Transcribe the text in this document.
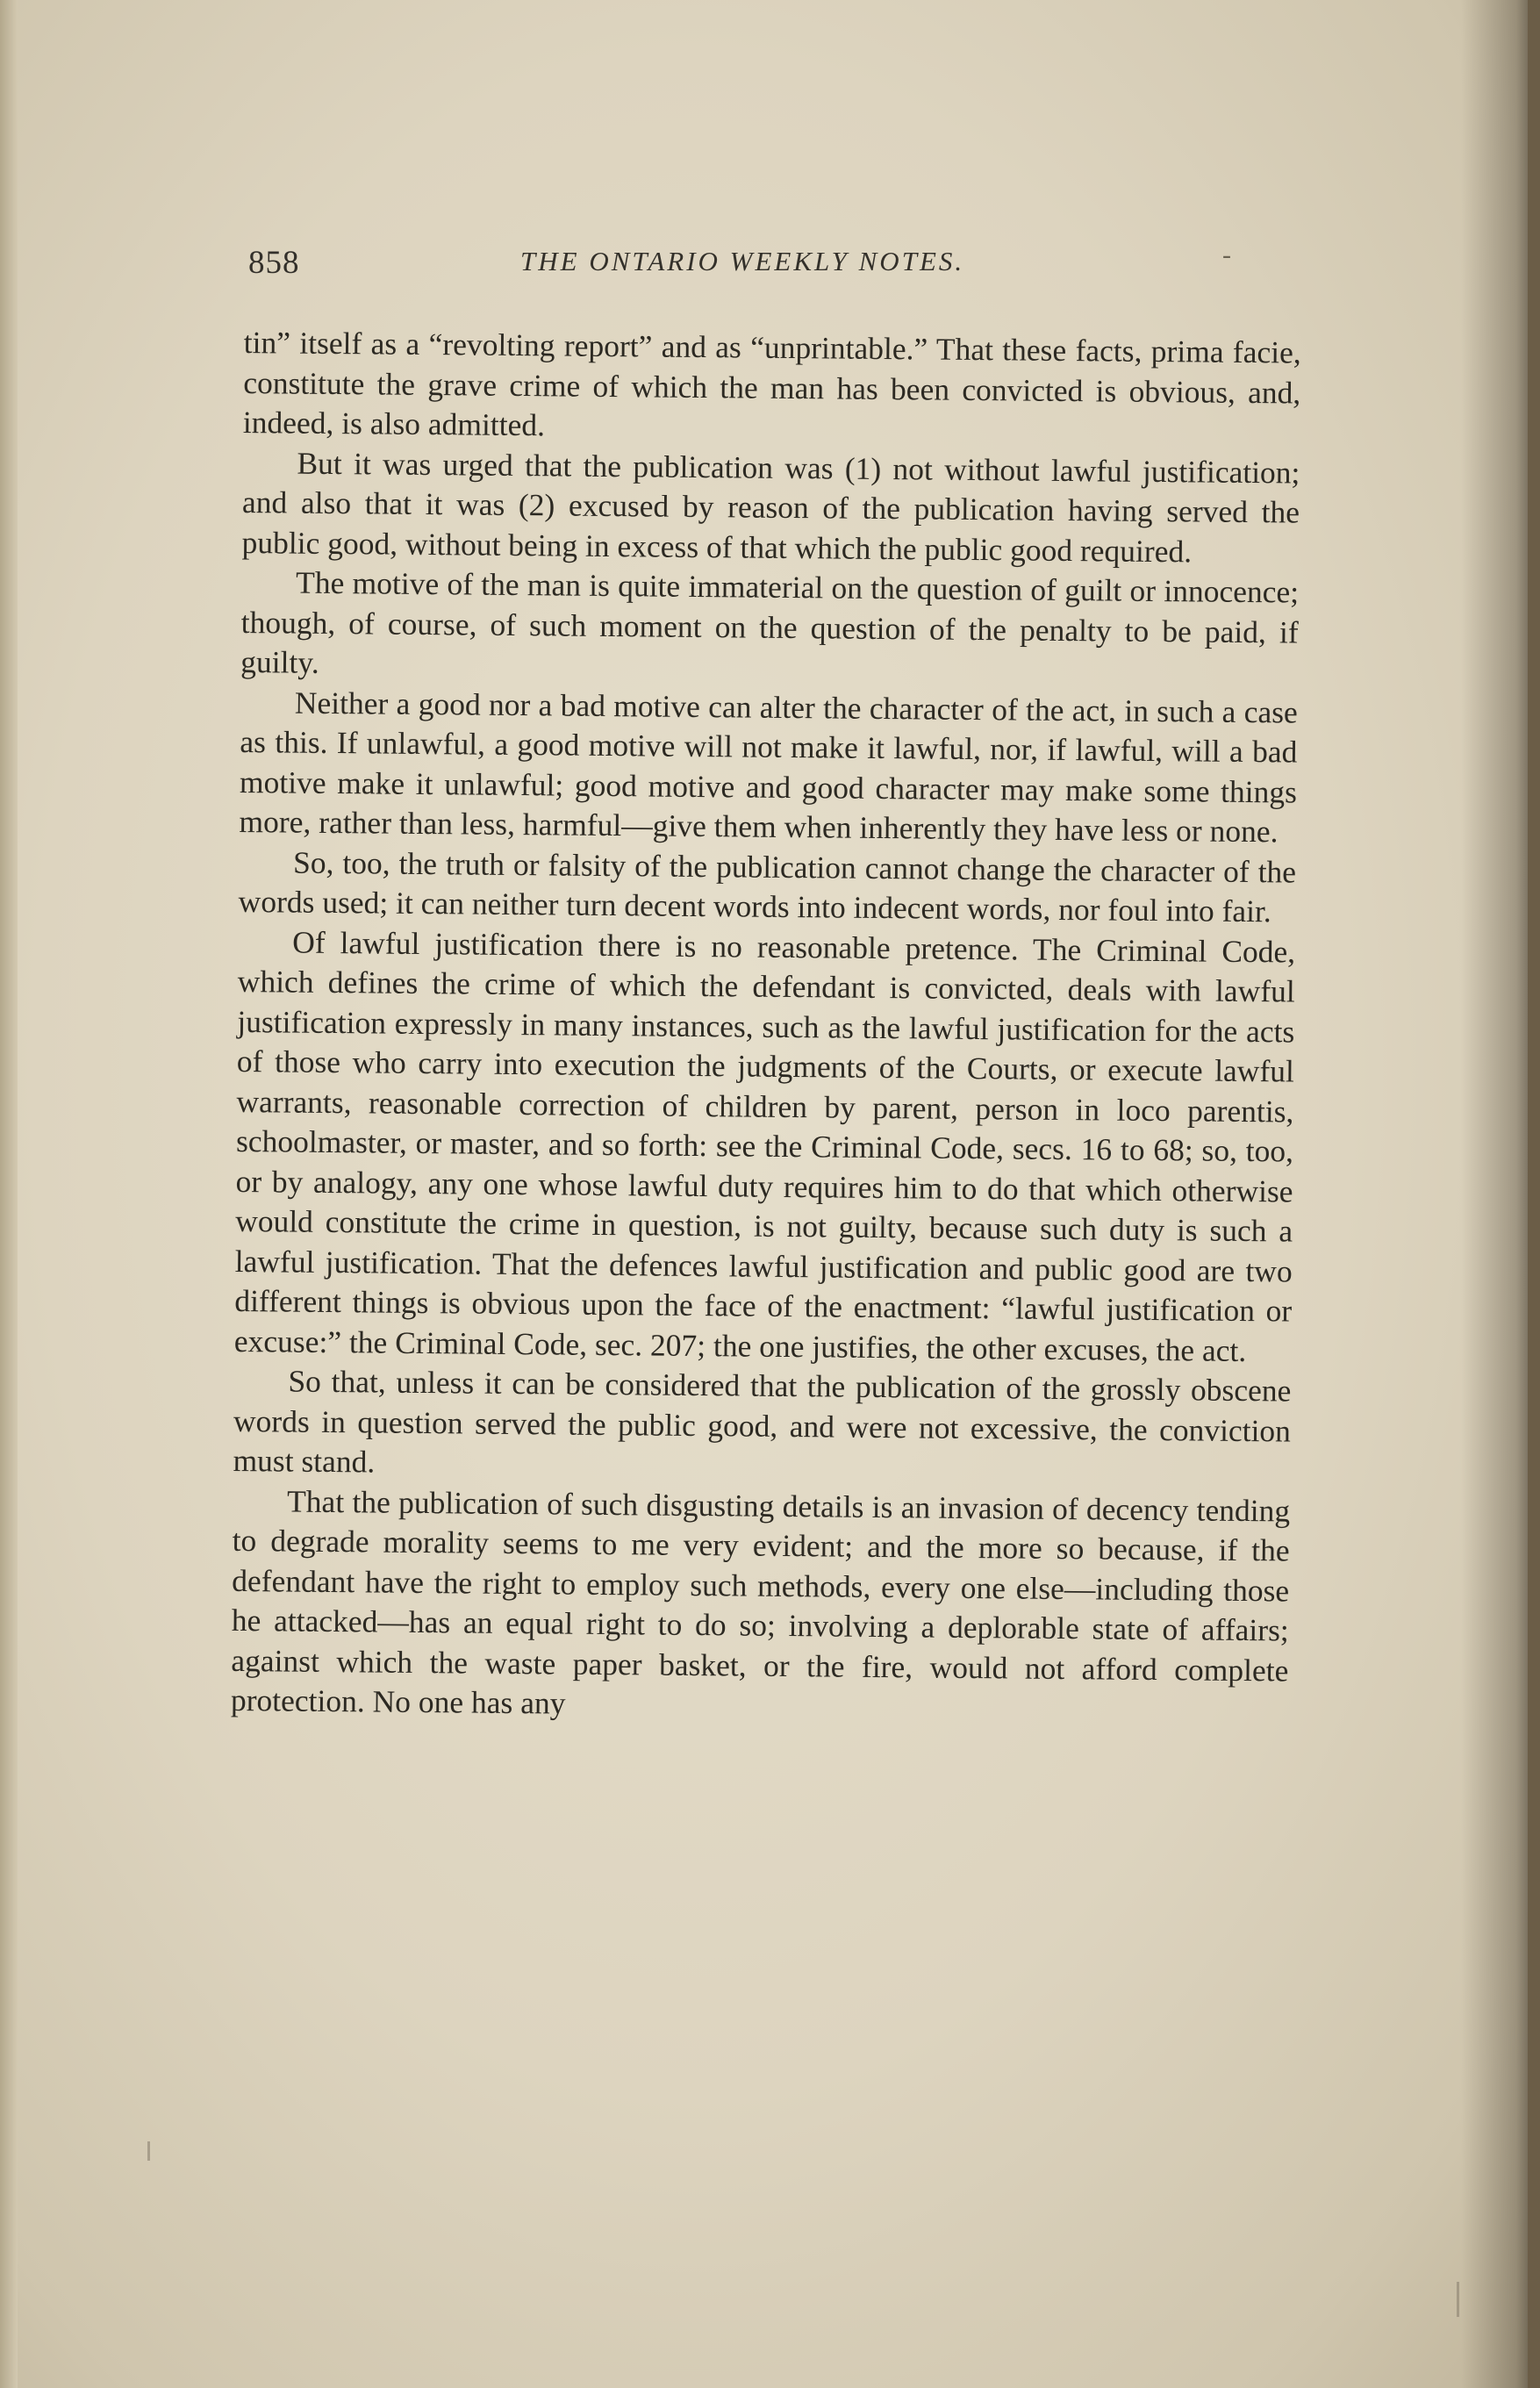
858	THE ONTARIO WEEKLY NOTES.	-

tin” itself as a “revolting report” and as “unprintable.” That these facts, prima facie, constitute the grave crime of which the man has been convicted is obvious, and, indeed, is also admitted.

But it was urged that the publication was (1) not without lawful justification; and also that it was (2) excused by reason of the publication having served the public good, without being in excess of that which the public good required.

The motive of the man is quite immaterial on the question of guilt or innocence; though, of course, of such moment on the question of the penalty to be paid, if guilty.

Neither a good nor a bad motive can alter the character of the act, in such a case as this. If unlawful, a good motive will not make it lawful, nor, if lawful, will a bad motive make it unlawful; good motive and good character may make some things more, rather than less, harmful—give them when inherently they have less or none.

So, too, the truth or falsity of the publication cannot change the character of the words used; it can neither turn decent words into indecent words, nor foul into fair.

Of lawful justification there is no reasonable pretence. The Criminal Code, which defines the crime of which the defendant is convicted, deals with lawful justification expressly in many instances, such as the lawful justification for the acts of those who carry into execution the judgments of the Courts, or execute lawful warrants, reasonable correction of children by parent, person in loco parentis, schoolmaster, or master, and so forth: see the Criminal Code, secs. 16 to 68; so, too, or by analogy, any one whose lawful duty requires him to do that which otherwise would constitute the crime in question, is not guilty, because such duty is such a lawful justification. That the defences lawful justification and public good are two different things is obvious upon the face of the enactment: “lawful justification or excuse:” the Criminal Code, sec. 207; the one justifies, the other excuses, the act.

So that, unless it can be considered that the publication of the grossly obscene words in question served the public good, and were not excessive, the conviction must stand.

That the publication of such disgusting details is an invasion of decency tending to degrade morality seems to me very evident; and the more so because, if the defendant have the right to employ such methods, every one else—including those he attacked—has an equal right to do so; involving a deplorable state of affairs; against which the waste paper basket, or the fire, would not afford complete protection. No one has any
